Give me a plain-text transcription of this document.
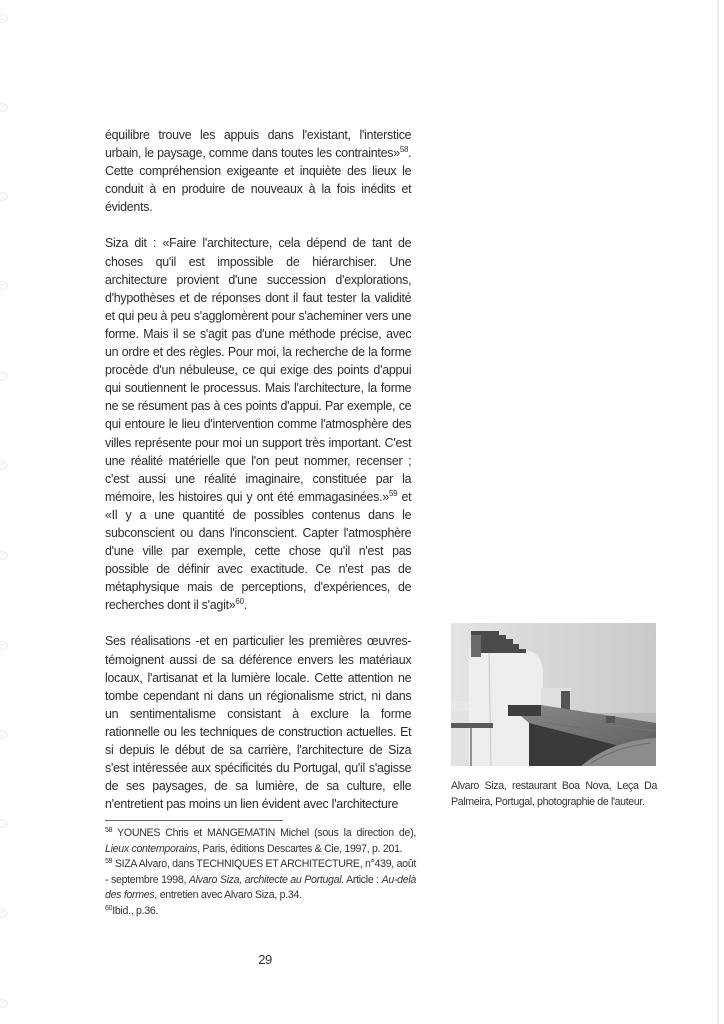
équilibre trouve les appuis dans l'existant, l'interstice urbain, le paysage, comme dans toutes les contraintes»$^{58}$. Cette compréhension exigeante et inquiète des lieux le conduit à en produire de nouveaux à la fois inédits et évidents.

Siza dit : «Faire l'architecture, cela dépend de tant de choses qu'il est impossible de hiérarchiser. Une architecture provient d'une succession d'explorations, d'hypothèses et de réponses dont il faut tester la validité et qui peu à peu s'agglomèrent pour s'acheminer vers une forme. Mais il se s'agit pas d'une méthode précise, avec un ordre et des règles. Pour moi, la recherche de la forme procède d'un nébuleuse, ce qui exige des points d'appui qui soutiennent le processus. Mais l'architecture, la forme ne se résument pas à ces points d'appui. Par exemple, ce qui entoure le lieu d'intervention comme l'atmosphère des villes représente pour moi un support très important. C'est une réalité matérielle que l'on peut nommer, recenser ; c'est aussi une réalité imaginaire, constituée par la mémoire, les histoires qui y ont été emmagasinées.»$^{59}$ et «Il y a une quantité de possibles contenus dans le subconscient ou dans l'inconscient. Capter l'atmosphère d'une ville par exemple, cette chose qu'il n'est pas possible de définir avec exactitude. Ce n'est pas de métaphysique mais de perceptions, d'expériences, de recherches dont il s'agit»$^{60}$.

Ses réalisations -et en particulier les premières œuvres- témoignent aussi de sa déférence envers les matériaux locaux, l'artisanat et la lumière locale. Cette attention ne tombe cependant ni dans un régionalisme strict, ni dans un sentimentalisme consistant à exclure la forme rationnelle ou les techniques de construction actuelles. Et si depuis le début de sa carrière, l'architecture de Siza s'est intéressée aux spécificités du Portugal, qu'il s'agisse de ses paysages, de sa lumière, de sa culture, elle n'entretient pas moins un lien évident avec l'architecture

Alvaro Siza, restaurant Boa Nova, Leça Da Palmeira, Portugal, photographie de l'auteur.

$^{58}$ YOUNES Chris et MANGEMATIN Michel (sous la direction de), Lieux contemporains, Paris, éditions Descartes & Cie, 1997, p. 201.

$^{59}$ SIZA Alvaro, dans TECHNIQUES ET ARCHITECTURE, n°439, août - septembre 1998, Alvaro Siza, architecte au Portugal. Article : Au-delà des formes, entretien avec Alvaro Siza, p.34.

$^{60}$Ibid., p.36.

29
